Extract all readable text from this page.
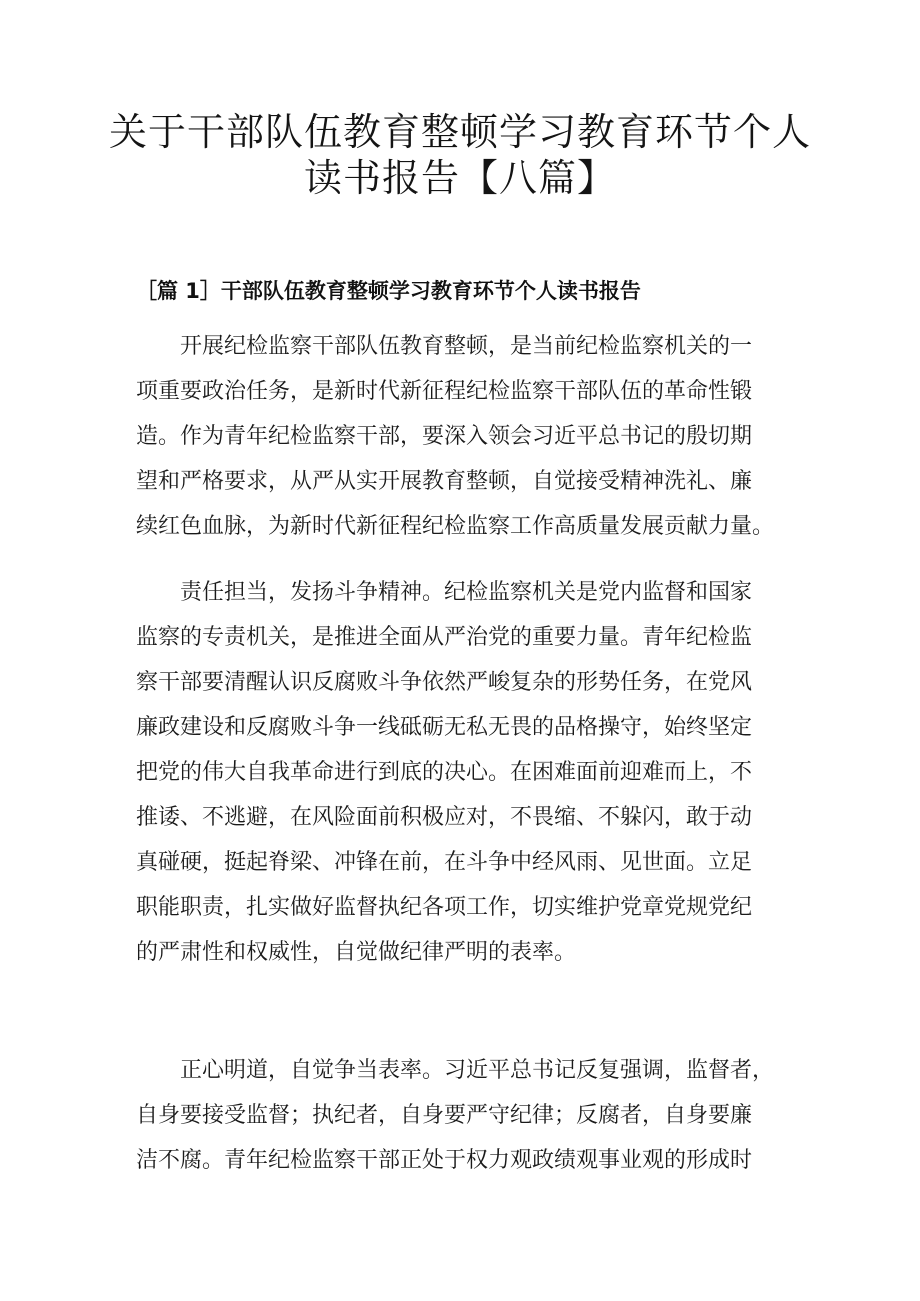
关于干部队伍教育整顿学习教育环节个人
读书报告【八篇】
［篇 1］干部队伍教育整顿学习教育环节个人读书报告
开展纪检监察干部队伍教育整顿，是当前纪检监察机关的一
项重要政治任务，是新时代新征程纪检监察干部队伍的革命性锻
造。作为青年纪检监察干部，要深入领会习近平总书记的殷切期
望和严格要求，从严从实开展教育整顿，自觉接受精神洗礼、廉
续红色血脉，为新时代新征程纪检监察工作高质量发展贡献力量。
责任担当，发扬斗争精神。纪检监察机关是党内监督和国家
监察的专责机关，是推进全面从严治党的重要力量。青年纪检监
察干部要清醒认识反腐败斗争依然严峻复杂的形势任务，在党风
廉政建设和反腐败斗争一线砥砺无私无畏的品格操守，始终坚定
把党的伟大自我革命进行到底的决心。在困难面前迎难而上，不
推诿、不逃避，在风险面前积极应对，不畏缩、不躲闪，敢于动
真碰硬，挺起脊梁、冲锋在前，在斗争中经风雨、见世面。立足
职能职责，扎实做好监督执纪各项工作，切实维护党章党规党纪
的严肃性和权威性，自觉做纪律严明的表率。
正心明道，自觉争当表率。习近平总书记反复强调，监督者，
自身要接受监督；执纪者，自身要严守纪律；反腐者，自身要廉
洁不腐。青年纪检监察干部正处于权力观政绩观事业观的形成时
